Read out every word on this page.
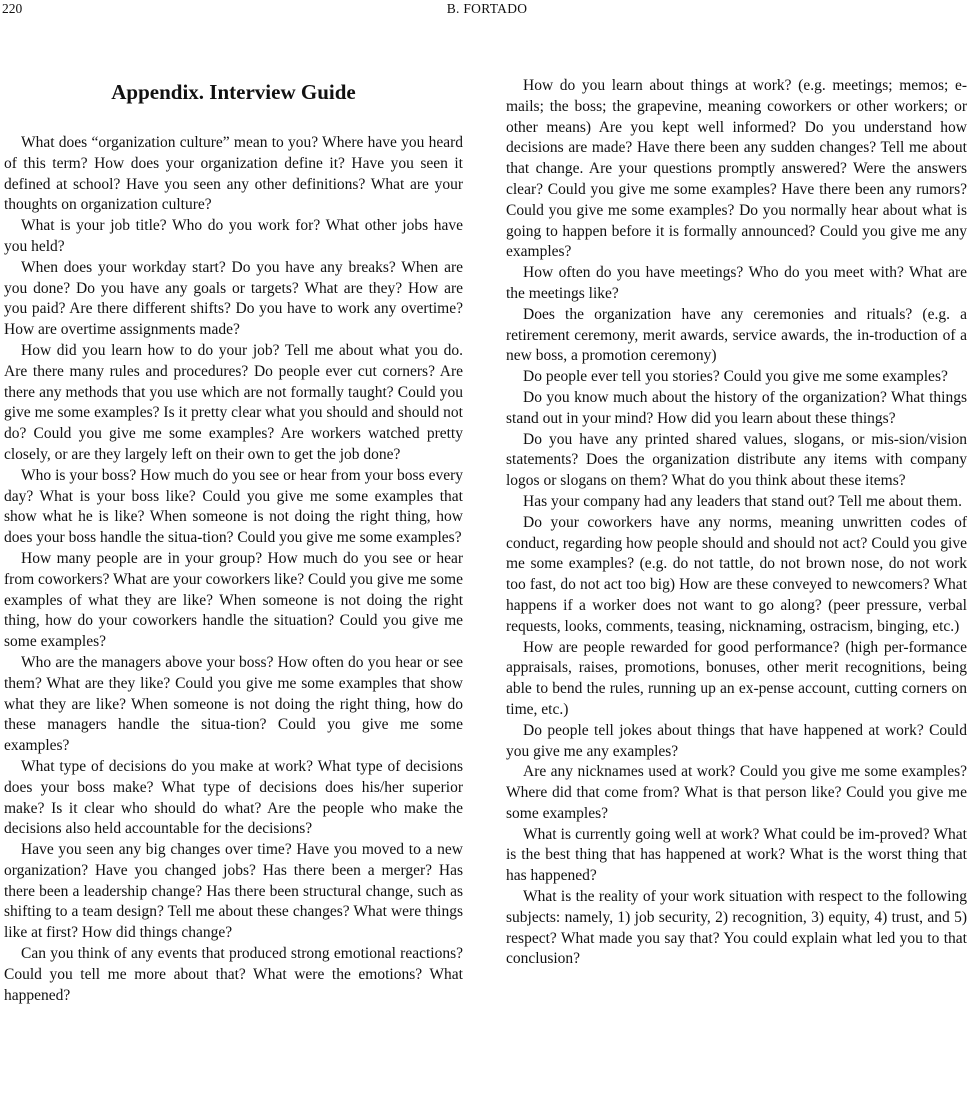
220	B. FORTADO
Appendix. Interview Guide

What does “organization culture” mean to you? Where have you heard of this term? How does your organization define it? Have you seen it defined at school? Have you seen any other definitions? What are your thoughts on organization culture?

What is your job title? Who do you work for? What other jobs have you held?

When does your workday start? Do you have any breaks? When are you done? Do you have any goals or targets? What are they? How are you paid? Are there different shifts? Do you have to work any overtime? How are overtime assignments made?

How did you learn how to do your job? Tell me about what you do. Are there many rules and procedures? Do people ever cut corners? Are there any methods that you use which are not formally taught? Could you give me some examples? Is it pretty clear what you should and should not do? Could you give me some examples? Are workers watched pretty closely, or are they largely left on their own to get the job done?

Who is your boss? How much do you see or hear from your boss every day? What is your boss like? Could you give me some examples that show what he is like? When someone is not doing the right thing, how does your boss handle the situa-tion? Could you give me some examples?

How many people are in your group? How much do you see or hear from coworkers? What are your coworkers like? Could you give me some examples of what they are like? When someone is not doing the right thing, how do your coworkers handle the situation? Could you give me some examples?

Who are the managers above your boss? How often do you hear or see them? What are they like? Could you give me some examples that show what they are like? When someone is not doing the right thing, how do these managers handle the situa-tion? Could you give me some examples?

What type of decisions do you make at work? What type of decisions does your boss make? What type of decisions does his/her superior make? Is it clear who should do what? Are the people who make the decisions also held accountable for the decisions?

Have you seen any big changes over time? Have you moved to a new organization? Have you changed jobs? Has there been a merger? Has there been a leadership change? Has there been structural change, such as shifting to a team design? Tell me about these changes? What were things like at first? How did things change?

Can you think of any events that produced strong emotional reactions? Could you tell me more about that? What were the emotions? What happened?

How do you learn about things at work? (e.g. meetings; memos; e-mails; the boss; the grapevine, meaning coworkers or other workers; or other means) Are you kept well informed? Do you understand how decisions are made? Have there been any sudden changes? Tell me about that change. Are your questions promptly answered? Were the answers clear? Could you give me some examples? Have there been any rumors? Could you give me some examples? Do you normally hear about what is going to happen before it is formally announced? Could you give me any examples?

How often do you have meetings? Who do you meet with? What are the meetings like?

Does the organization have any ceremonies and rituals? (e.g. a retirement ceremony, merit awards, service awards, the in-troduction of a new boss, a promotion ceremony)

Do people ever tell you stories? Could you give me some examples?

Do you know much about the history of the organization? What things stand out in your mind? How did you learn about these things?

Do you have any printed shared values, slogans, or mis-sion/vision statements? Does the organization distribute any items with company logos or slogans on them? What do you think about these items?

Has your company had any leaders that stand out? Tell me about them.

Do your coworkers have any norms, meaning unwritten codes of conduct, regarding how people should and should not act? Could you give me some examples? (e.g. do not tattle, do not brown nose, do not work too fast, do not act too big) How are these conveyed to newcomers? What happens if a worker does not want to go along? (peer pressure, verbal requests, looks, comments, teasing, nicknaming, ostracism, binging, etc.)

How are people rewarded for good performance? (high per-formance appraisals, raises, promotions, bonuses, other merit recognitions, being able to bend the rules, running up an ex-pense account, cutting corners on time, etc.)

Do people tell jokes about things that have happened at work? Could you give me any examples?

Are any nicknames used at work? Could you give me some examples? Where did that come from? What is that person like? Could you give me some examples?

What is currently going well at work? What could be im-proved? What is the best thing that has happened at work? What is the worst thing that has happened?

What is the reality of your work situation with respect to the following subjects: namely, 1) job security, 2) recognition, 3) equity, 4) trust, and 5) respect? What made you say that? You could explain what led you to that conclusion?
